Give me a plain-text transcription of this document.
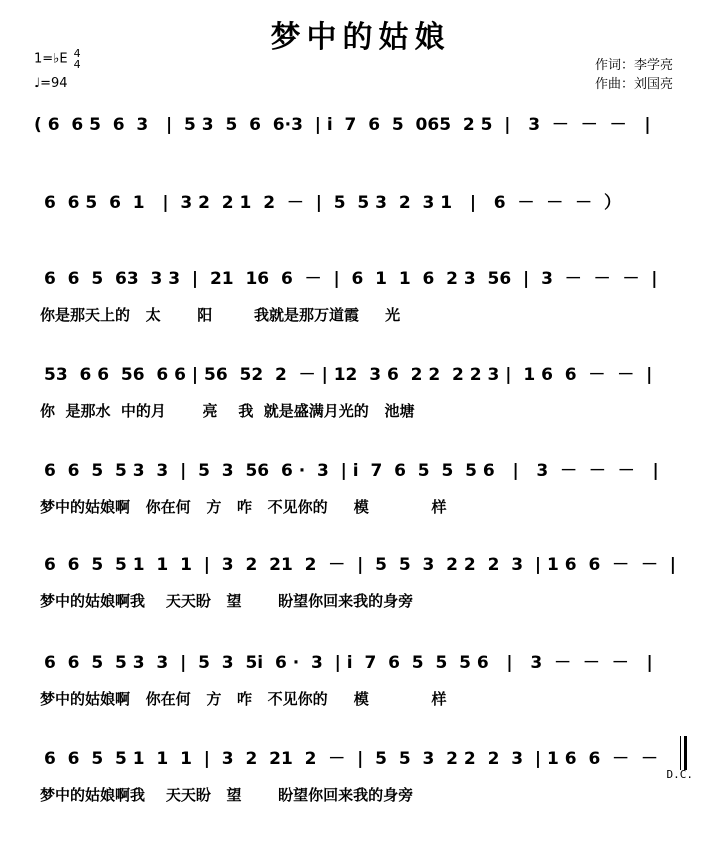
梦中的姑娘
1=♭E 4
4
♩=94
作词：李学亮
作曲：刘国亮
( 6  6 5  6  3   |  5 3  5  6  6·3  | i  7  6  5  065  2 5  |   3  －  －  －   |
6  6 5  6  1   |  3 2  2 1  2  －  |  5  5 3  2  3 1   |   6  －  －  －  ）
6  6  5  63  3 3  |  21  16  6  －  |  6  1  1  6  2 3  56  |  3  －  －  －  |
你是那天上的   太       阳        我就是那万道霞     光
53  6 6  56  6 6 | 56  52  2  － | 12  3 6  2 2  2 2 3 |  1 6  6  －  －  |
你  是那水  中的月       亮    我  就是盛满月光的   池塘
6  6  5  5 3  3  |  5  3  56  6 ·  3  | i  7  6  5  5  5 6   |   3  －  －  －   |
梦中的姑娘啊   你在何   方   咋   不见你的     模            样
6  6  5  5 1  1  1  |  3  2  21  2  －  |  5  5  3  2 2  2  3  | 1 6  6  －  －  |
梦中的姑娘啊我    天天盼   望       盼望你回来我的身旁
6  6  5  5 3  3  |  5  3  5i  6 ·  3  | i  7  6  5  5  5 6   |   3  －  －  －   |
梦中的姑娘啊   你在何   方   咋   不见你的     模            样
6  6  5  5 1  1  1  |  3  2  21  2  －  |  5  5  3  2 2  2  3  | 1 6  6  －  －
梦中的姑娘啊我    天天盼   望       盼望你回来我的身旁
D.C.
